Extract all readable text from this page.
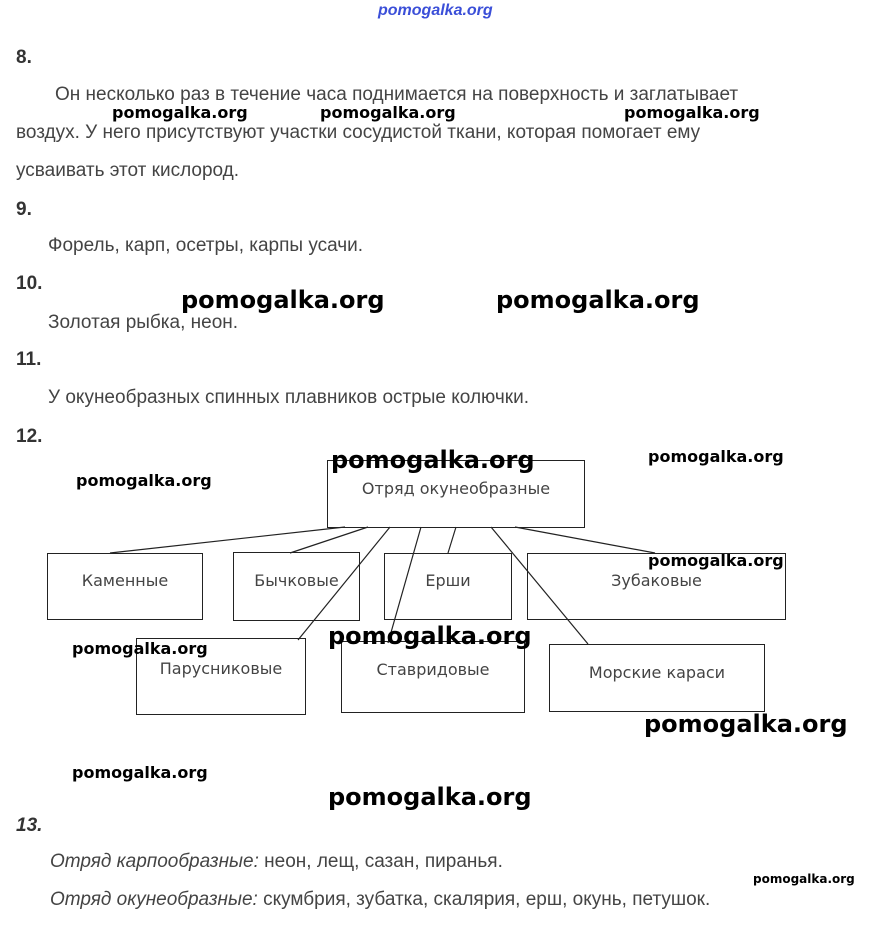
pomogalka.org
8.
Он несколько раз в течение часа поднимается на поверхность и заглатывает
воздух. У него присутствуют участки сосудистой ткани, которая помогает ему
усваивать этот кислород.
pomogalka.org	pomogalka.org	pomogalka.org
9.
Форель, карп, осетры, карпы усачи.
10.
pomogalka.org	pomogalka.org
Золотая рыбка, неон.
11.
У окунеобразных спинных плавников острые колючки.
12.
Отряд окунеобразные
Каменные	Бычковые	Ерши	Зубаковые
Парусниковые	Ставридовые	Морские караси
pomogalka.org	pomogalka.org
pomogalka.org
pomogalka.org
pomogalka.org	pomogalka.org
pomogalka.org
pomogalka.org
pomogalka.org
13.
Отряд карпообразные: неон, лещ, сазан, пиранья.
pomogalka.org
Отряд окунеобразные: скумбрия, зубатка, скалярия, ерш, окунь, петушок.
